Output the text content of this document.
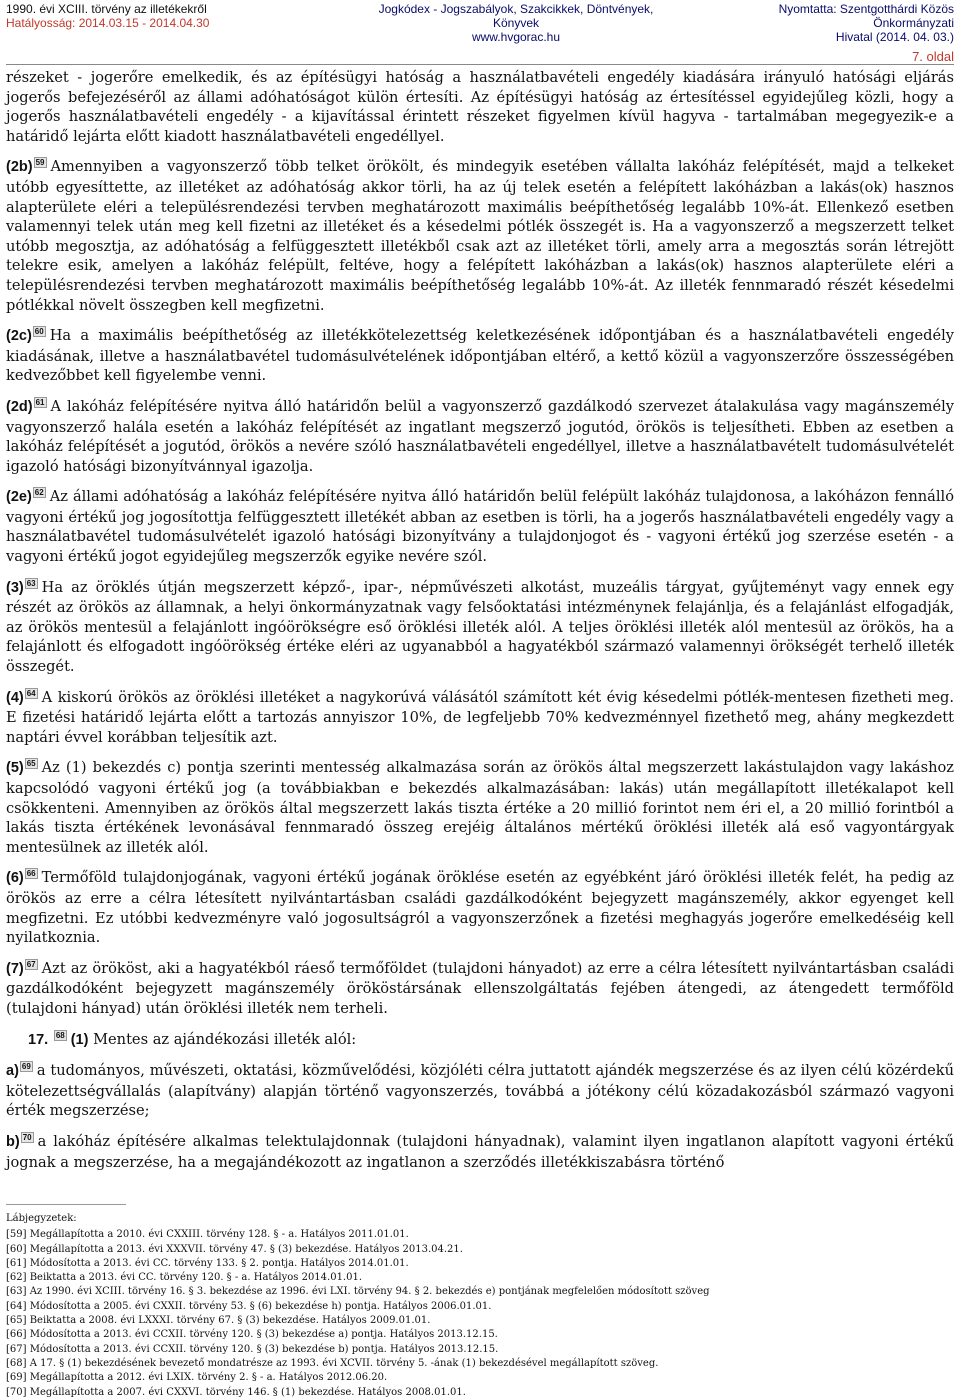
1990. évi XCIII. törvény az illetékekről
Hatályosság: 2014.03.15 - 2014.04.30
Jogkódex - Jogszabályok, Szakcikkek, Döntvények,
Könyvek
www.hvgorac.hu
Nyomtatta: Szentgotthárdi Közös Önkormányzati
Hivatal (2014. 04. 03.)
7. oldal

részeket - jogerőre emelkedik, és az építésügyi hatóság a használatbavételi engedély kiadására irányuló hatósági eljárás jogerős befejezéséről az állami adóhatóságot külön értesíti. Az építésügyi hatóság az értesítéssel egyidejűleg közli, hogy a jogerős használatbavételi engedély - a kijavítással érintett részeket figyelmen kívül hagyva - tartalmában megegyezik-e a határidő lejárta előtt kiadott használatbavételi engedéllyel.

(2b) 59 Amennyiben a vagyonszerző több telket örökölt, és mindegyik esetében vállalta lakóház felépítését, majd a telkeket utóbb egyesíttette, az illetéket az adóhatóság akkor törli, ha az új telek esetén a felépített lakóházban a lakás(ok) hasznos alapterülete eléri a településrendezési tervben meghatározott maximális beépíthetőség legalább 10%-át. Ellenkező esetben valamennyi telek után meg kell fizetni az illetéket és a késedelmi pótlék összegét is. Ha a vagyonszerző a megszerzett telket utóbb megosztja, az adóhatóság a felfüggesztett illetékből csak azt az illetéket törli, amely arra a megosztás során létrejött telekre esik, amelyen a lakóház felépült, feltéve, hogy a felépített lakóházban a lakás(ok) hasznos alapterülete eléri a településrendezési tervben meghatározott maximális beépíthetőség legalább 10%-át. Az illeték fennmaradó részét késedelmi pótlékkal növelt összegben kell megfizetni.

(2c) 60 Ha a maximális beépíthetőség az illetékkötelezettség keletkezésének időpontjában és a használatbavételi engedély kiadásának, illetve a használatbavétel tudomásulvételének időpontjában eltérő, a kettő közül a vagyonszerzőre összességében kedvezőbbet kell figyelembe venni.

(2d) 61 A lakóház felépítésére nyitva álló határidőn belül a vagyonszerző gazdálkodó szervezet átalakulása vagy magánszemély vagyonszerző halála esetén a lakóház felépítését az ingatlant megszerző jogutód, örökös is teljesítheti. Ebben az esetben a lakóház felépítését a jogutód, örökös a nevére szóló használatbavételi engedéllyel, illetve a használatbavételt tudomásulvételét igazoló hatósági bizonyítvánnyal igazolja.

(2e) 62 Az állami adóhatóság a lakóház felépítésére nyitva álló határidőn belül felépült lakóház tulajdonosa, a lakóházon fennálló vagyoni értékű jog jogosítottja felfüggesztett illetékét abban az esetben is törli, ha a jogerős használatbavételi engedély vagy a használatbavétel tudomásulvételét igazoló hatósági bizonyítvány a tulajdonjogot és - vagyoni értékű jog szerzése esetén - a vagyoni értékű jogot egyidejűleg megszerzők egyike nevére szól.

(3) 63 Ha az öröklés útján megszerzett képző-, ipar-, népművészeti alkotást, muzeális tárgyat, gyűjteményt vagy ennek egy részét az örökös az államnak, a helyi önkormányzatnak vagy felsőoktatási intézménynek felajánlja, és a felajánlást elfogadják, az örökös mentesül a felajánlott ingóörökségre eső öröklési illeték alól. A teljes öröklési illeték alól mentesül az örökös, ha a felajánlott és elfogadott ingóörökség értéke eléri az ugyanabból a hagyatékból származó valamennyi örökségét terhelő illeték összegét.

(4) 64 A kiskorú örökös az öröklési illetéket a nagykorúvá válásától számított két évig késedelmi pótlék-mentesen fizetheti meg. E fizetési határidő lejárta előtt a tartozás annyiszor 10%, de legfeljebb 70% kedvezménnyel fizethető meg, ahány megkezdett naptári évvel korábban teljesítik azt.

(5) 65 Az (1) bekezdés c) pontja szerinti mentesség alkalmazása során az örökös által megszerzett lakástulajdon vagy lakáshoz kapcsolódó vagyoni értékű jog (a továbbiakban e bekezdés alkalmazásában: lakás) után megállapított illetékalapot kell csökkenteni. Amennyiben az örökös által megszerzett lakás tiszta értéke a 20 millió forintot nem éri el, a 20 millió forintból a lakás tiszta értékének levonásával fennmaradó összeg erejéig általános mértékű öröklési illeték alá eső vagyontárgyak mentesülnek az illeték alól.

(6) 66 Termőföld tulajdonjogának, vagyoni értékű jogának öröklése esetén az egyébként járó öröklési illeték felét, ha pedig az örökös az erre a célra létesített nyilvántartásban családi gazdálkodóként bejegyzett magánszemély, akkor egyenget kell megfizetni. Ez utóbbi kedvezményre való jogosultságról a vagyonszerzőnek a fizetési meghagyás jogerőre emelkedéséig kell nyilatkoznia.

(7) 67 Azt az örököst, aki a hagyatékból ráeső termőföldet (tulajdoni hányadot) az erre a célra létesített nyilvántartásban családi gazdálkodóként bejegyzett magánszemély örököstársának ellenszolgáltatás fejében átengedi, az átengedett termőföld (tulajdoni hányad) után öröklési illeték nem terheli.

17. 68 (1) Mentes az ajándékozási illeték alól:

a) 69 a tudományos, művészeti, oktatási, közművelődési, közjóléti célra juttatott ajándék megszerzése és az ilyen célú közérdekű kötelezettségvállalás (alapítvány) alapján történő vagyonszerzés, továbbá a jótékony célú közadakozásból származó vagyoni érték megszerzése;

b) 70 a lakóház építésére alkalmas telektulajdonnak (tulajdoni hányadnak), valamint ilyen ingatlanon alapított vagyoni értékű jognak a megszerzése, ha a megajándékozott az ingatlanon a szerződés illetékkiszabásra történő

Lábjegyzetek:
[59] Megállapította a 2010. évi CXXIII. törvény 128. § - a. Hatályos 2011.01.01.
[60] Megállapította a 2013. évi XXXVII. törvény 47. § (3) bekezdése. Hatályos 2013.04.21.
[61] Módosította a 2013. évi CC. törvény 133. § 2. pontja. Hatályos 2014.01.01.
[62] Beiktatta a 2013. évi CC. törvény 120. § - a. Hatályos 2014.01.01.
[63] Az 1990. évi XCIII. törvény 16. § 3. bekezdése az 1996. évi LXI. törvény 94. § 2. bekezdés e) pontjának megfelelően módosított szöveg
[64] Módosította a 2005. évi CXXII. törvény 53. § (6) bekezdése h) pontja. Hatályos 2006.01.01.
[65] Beiktatta a 2008. évi LXXXI. törvény 67. § (3) bekezdése. Hatályos 2009.01.01.
[66] Módosította a 2013. évi CCXII. törvény 120. § (3) bekezdése a) pontja. Hatályos 2013.12.15.
[67] Módosította a 2013. évi CCXII. törvény 120. § (3) bekezdése b) pontja. Hatályos 2013.12.15.
[68] A 17. § (1) bekezdésének bevezető mondatrésze az 1993. évi XCVII. törvény 5. -ának (1) bekezdésével megállapított szöveg.
[69] Megállapította a 2012. évi LXIX. törvény 2. § - a. Hatályos 2012.06.20.
[70] Megállapította a 2007. évi CXXVI. törvény 146. § (1) bekezdése. Hatályos 2008.01.01.
